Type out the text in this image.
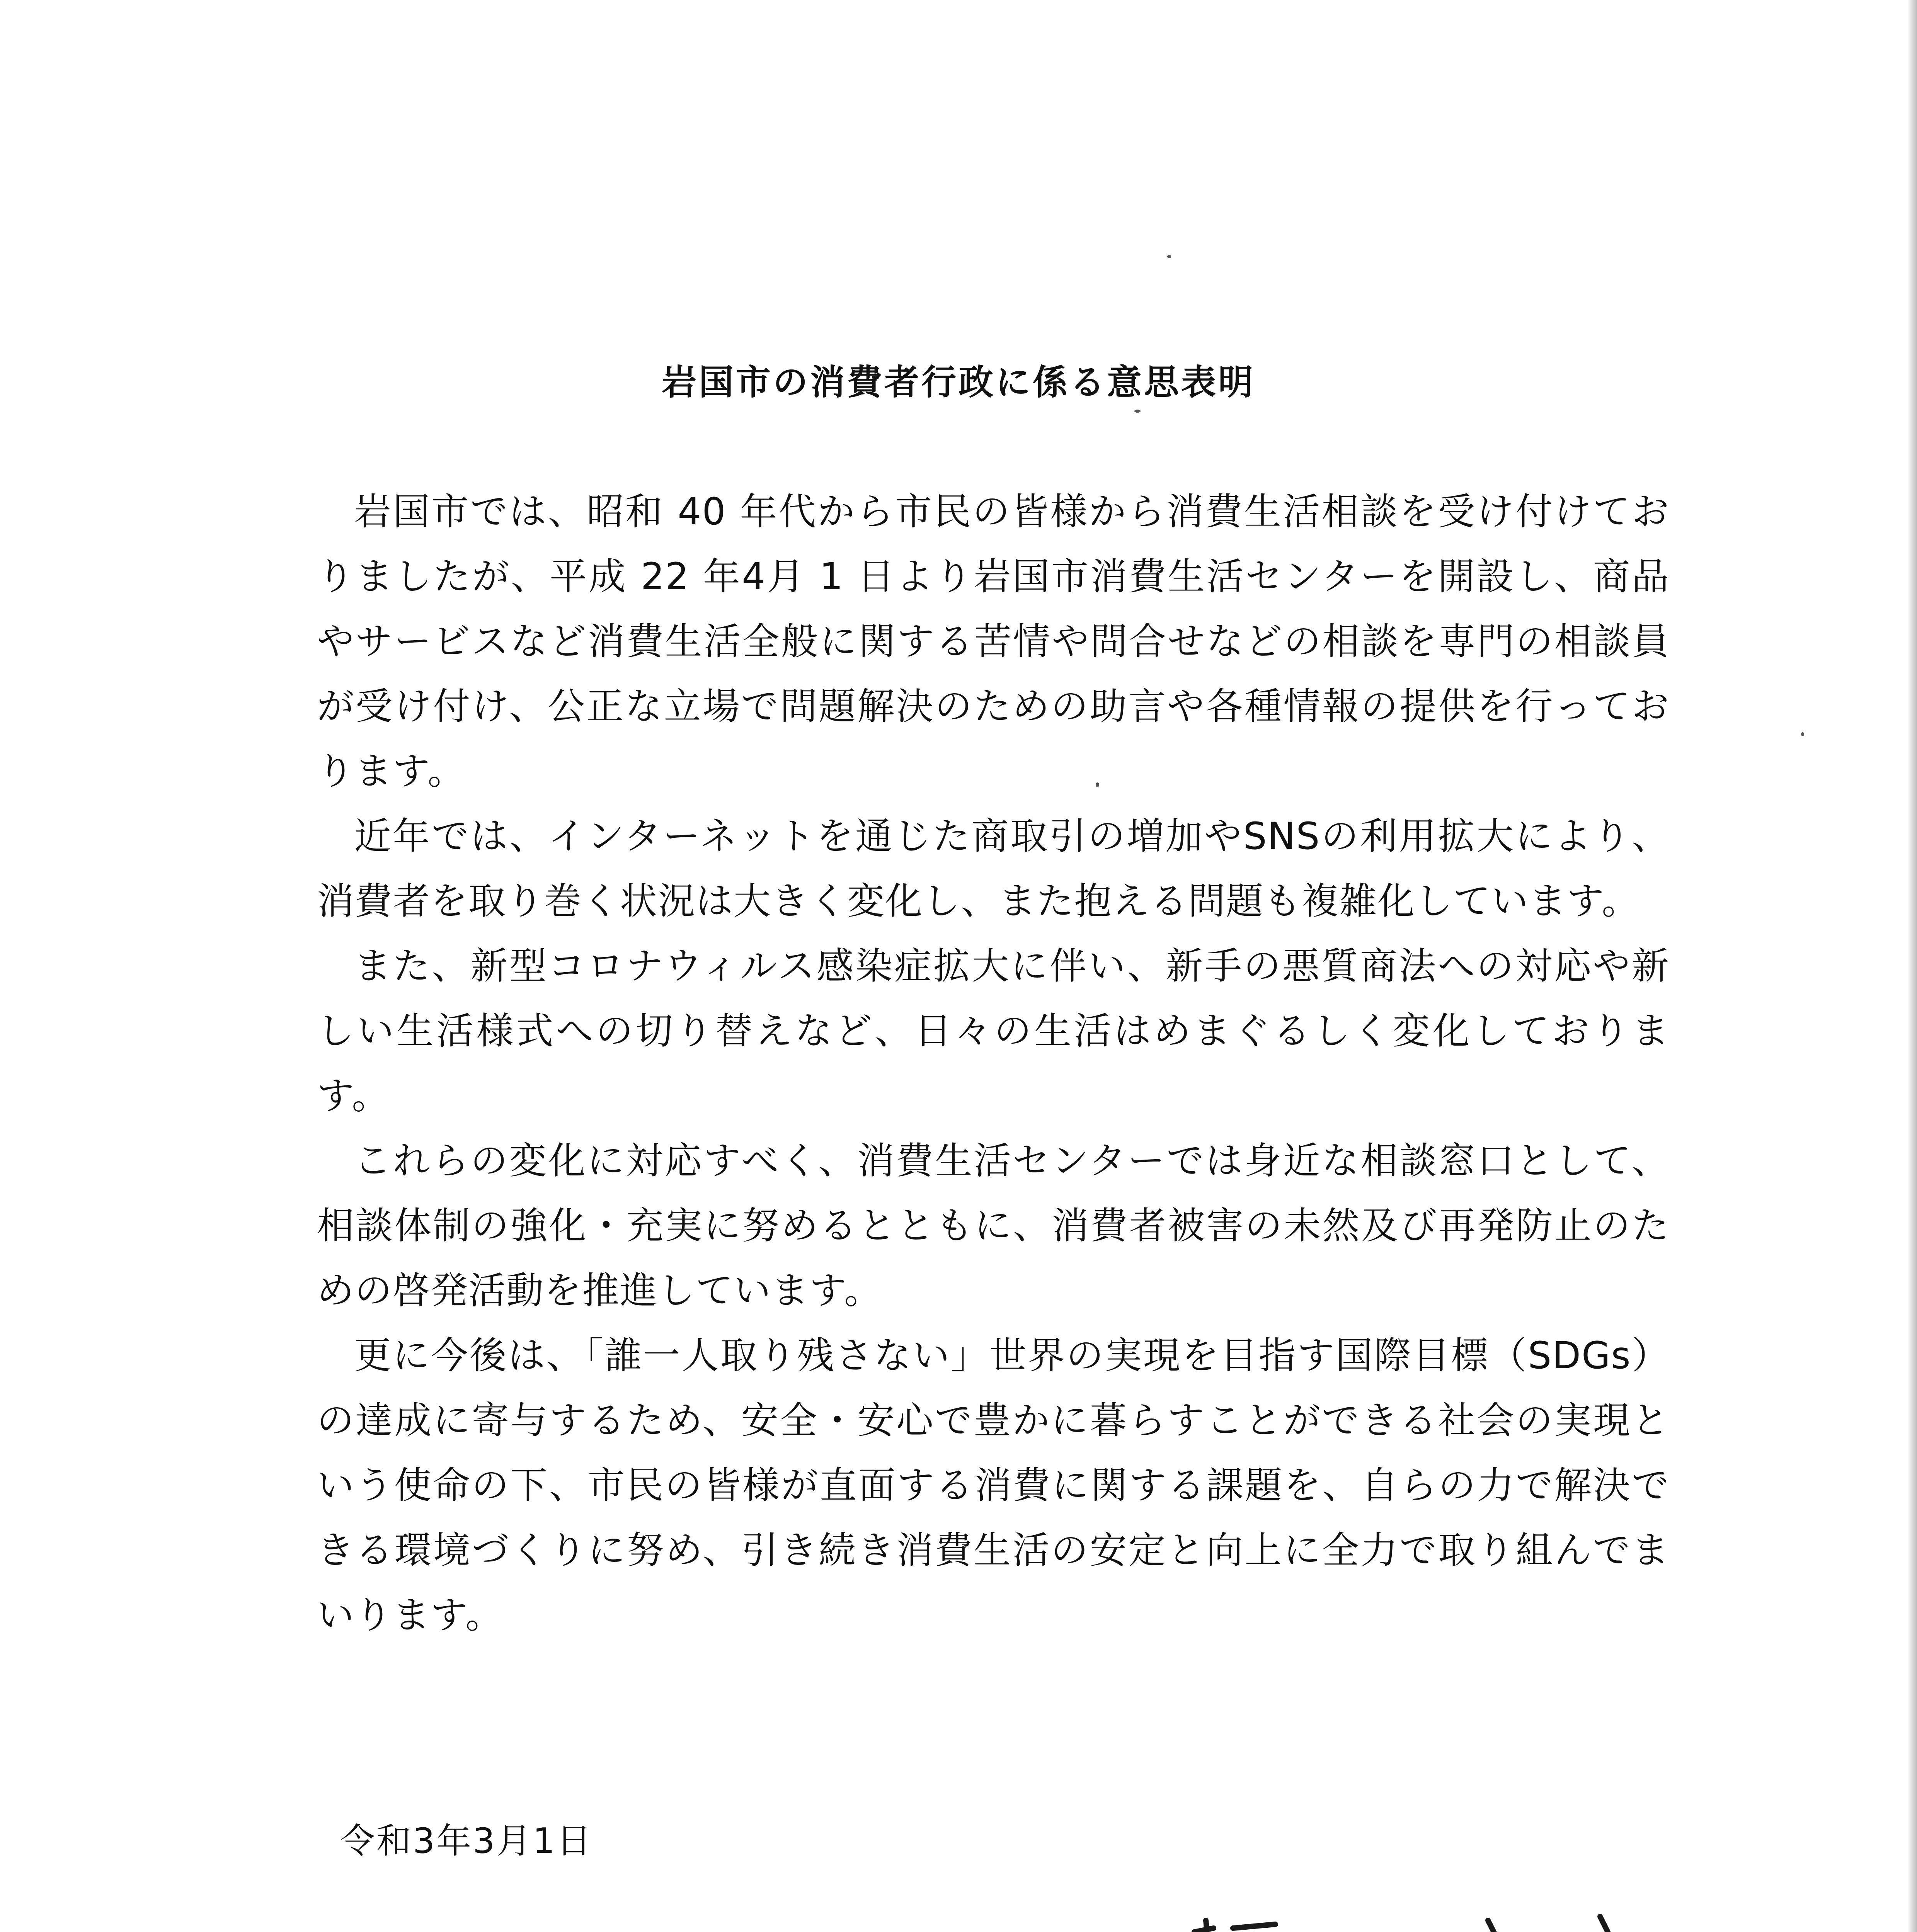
岩国市の消費者行政に係る意思表明

岩国市では、昭和 40 年代から市民の皆様から消費生活相談を受け付けておりましたが、平成 22 年4月 1 日より岩国市消費生活センターを開設し、商品やサービスなど消費生活全般に関する苦情や問合せなどの相談を専門の相談員が受け付け、公正な立場で問題解決のための助言や各種情報の提供を行っております。

近年では、インターネットを通じた商取引の増加やSNSの利用拡大により、消費者を取り巻く状況は大きく変化し、また抱える問題も複雑化しています。

また、新型コロナウィルス感染症拡大に伴い、新手の悪質商法への対応や新しい生活様式への切り替えなど、日々の生活はめまぐるしく変化しております。

これらの変化に対応すべく、消費生活センターでは身近な相談窓口として、相談体制の強化・充実に努めるとともに、消費者被害の未然及び再発防止のための啓発活動を推進しています。

更に今後は、「誰一人取り残さない」世界の実現を目指す国際目標（SDGs）の達成に寄与するため、安全・安心で豊かに暮らすことができる社会の実現という使命の下、市民の皆様が直面する消費に関する課題を、自らの力で解決できる環境づくりに努め、引き続き消費生活の安定と向上に全力で取り組んでまいります。

令和3年3月1日
